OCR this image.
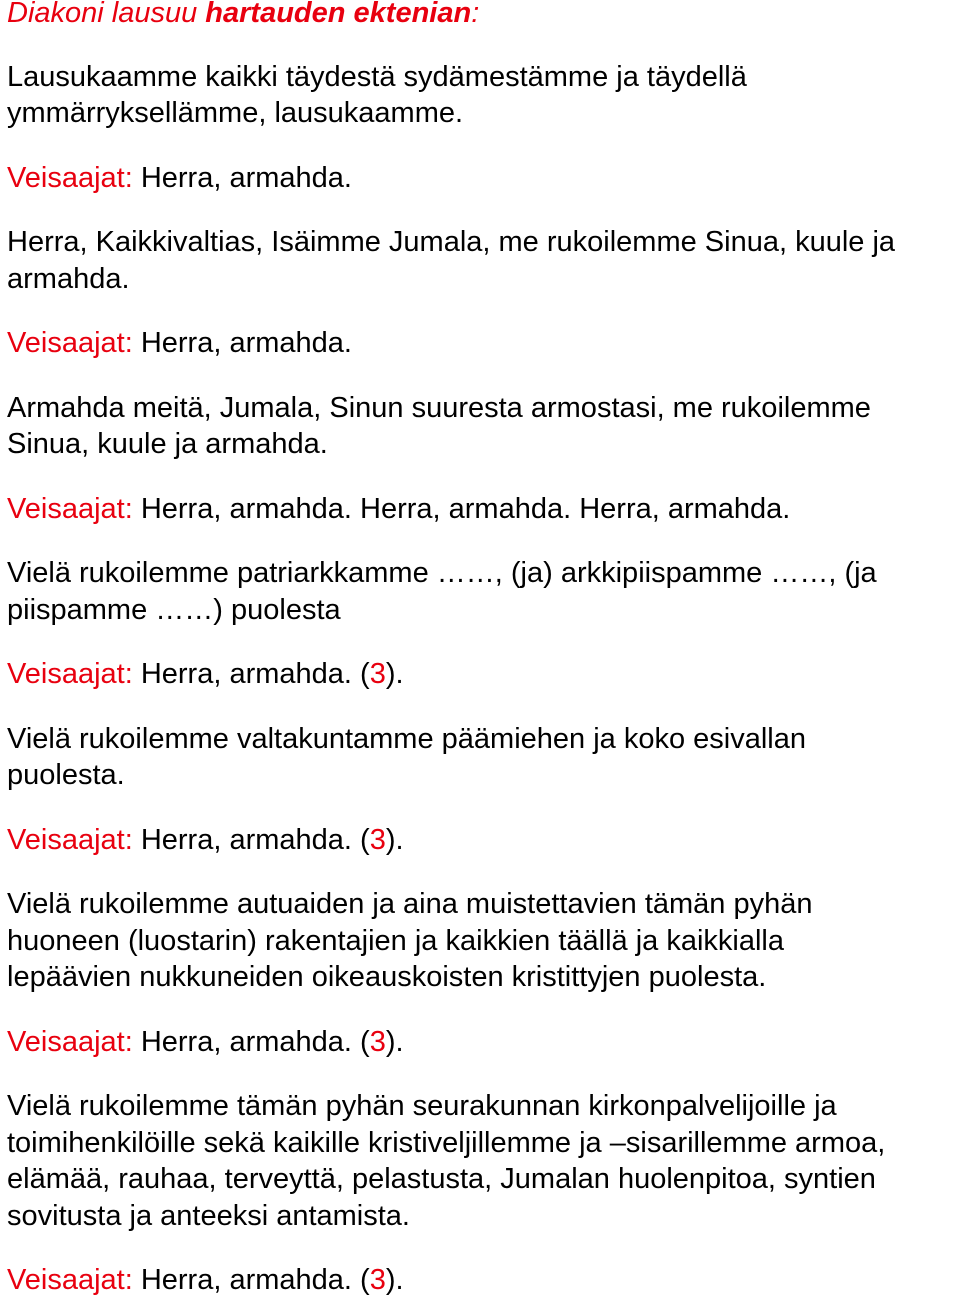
Diakoni lausuu hartauden ektenian:

Lausukaamme kaikki täydestä sydämestämme ja täydellä ymmärryksellämme, lausukaamme.

Veisaajat: Herra, armahda.

Herra, Kaikkivaltias, Isäimme Jumala, me rukoilemme Sinua, kuule ja armahda.

Veisaajat: Herra, armahda.

Armahda meitä, Jumala, Sinun suuresta armostasi, me rukoilemme Sinua, kuule ja armahda.

Veisaajat: Herra, armahda. Herra, armahda. Herra, armahda.

Vielä rukoilemme patriarkkamme ……, (ja) arkkipiispamme ……, (ja piispamme ……) puolesta

Veisaajat: Herra, armahda. (3).

Vielä rukoilemme valtakuntamme päämiehen ja koko esivallan puolesta.

Veisaajat: Herra, armahda. (3).

Vielä rukoilemme autuaiden ja aina muistettavien tämän pyhän huoneen (luostarin) rakentajien ja kaikkien täällä ja kaikkialla lepäävien nukkuneiden oikeauskoisten kristittyjen puolesta.

Veisaajat: Herra, armahda. (3).

Vielä rukoilemme tämän pyhän seurakunnan kirkonpalvelijoille ja toimihenkilöille sekä kaikille kristiveljillemme ja –sisarillemme armoa, elämää, rauhaa, terveyttä, pelastusta, Jumalan huolenpitoa, syntien sovitusta ja anteeksi antamista.

Veisaajat: Herra, armahda. (3).
